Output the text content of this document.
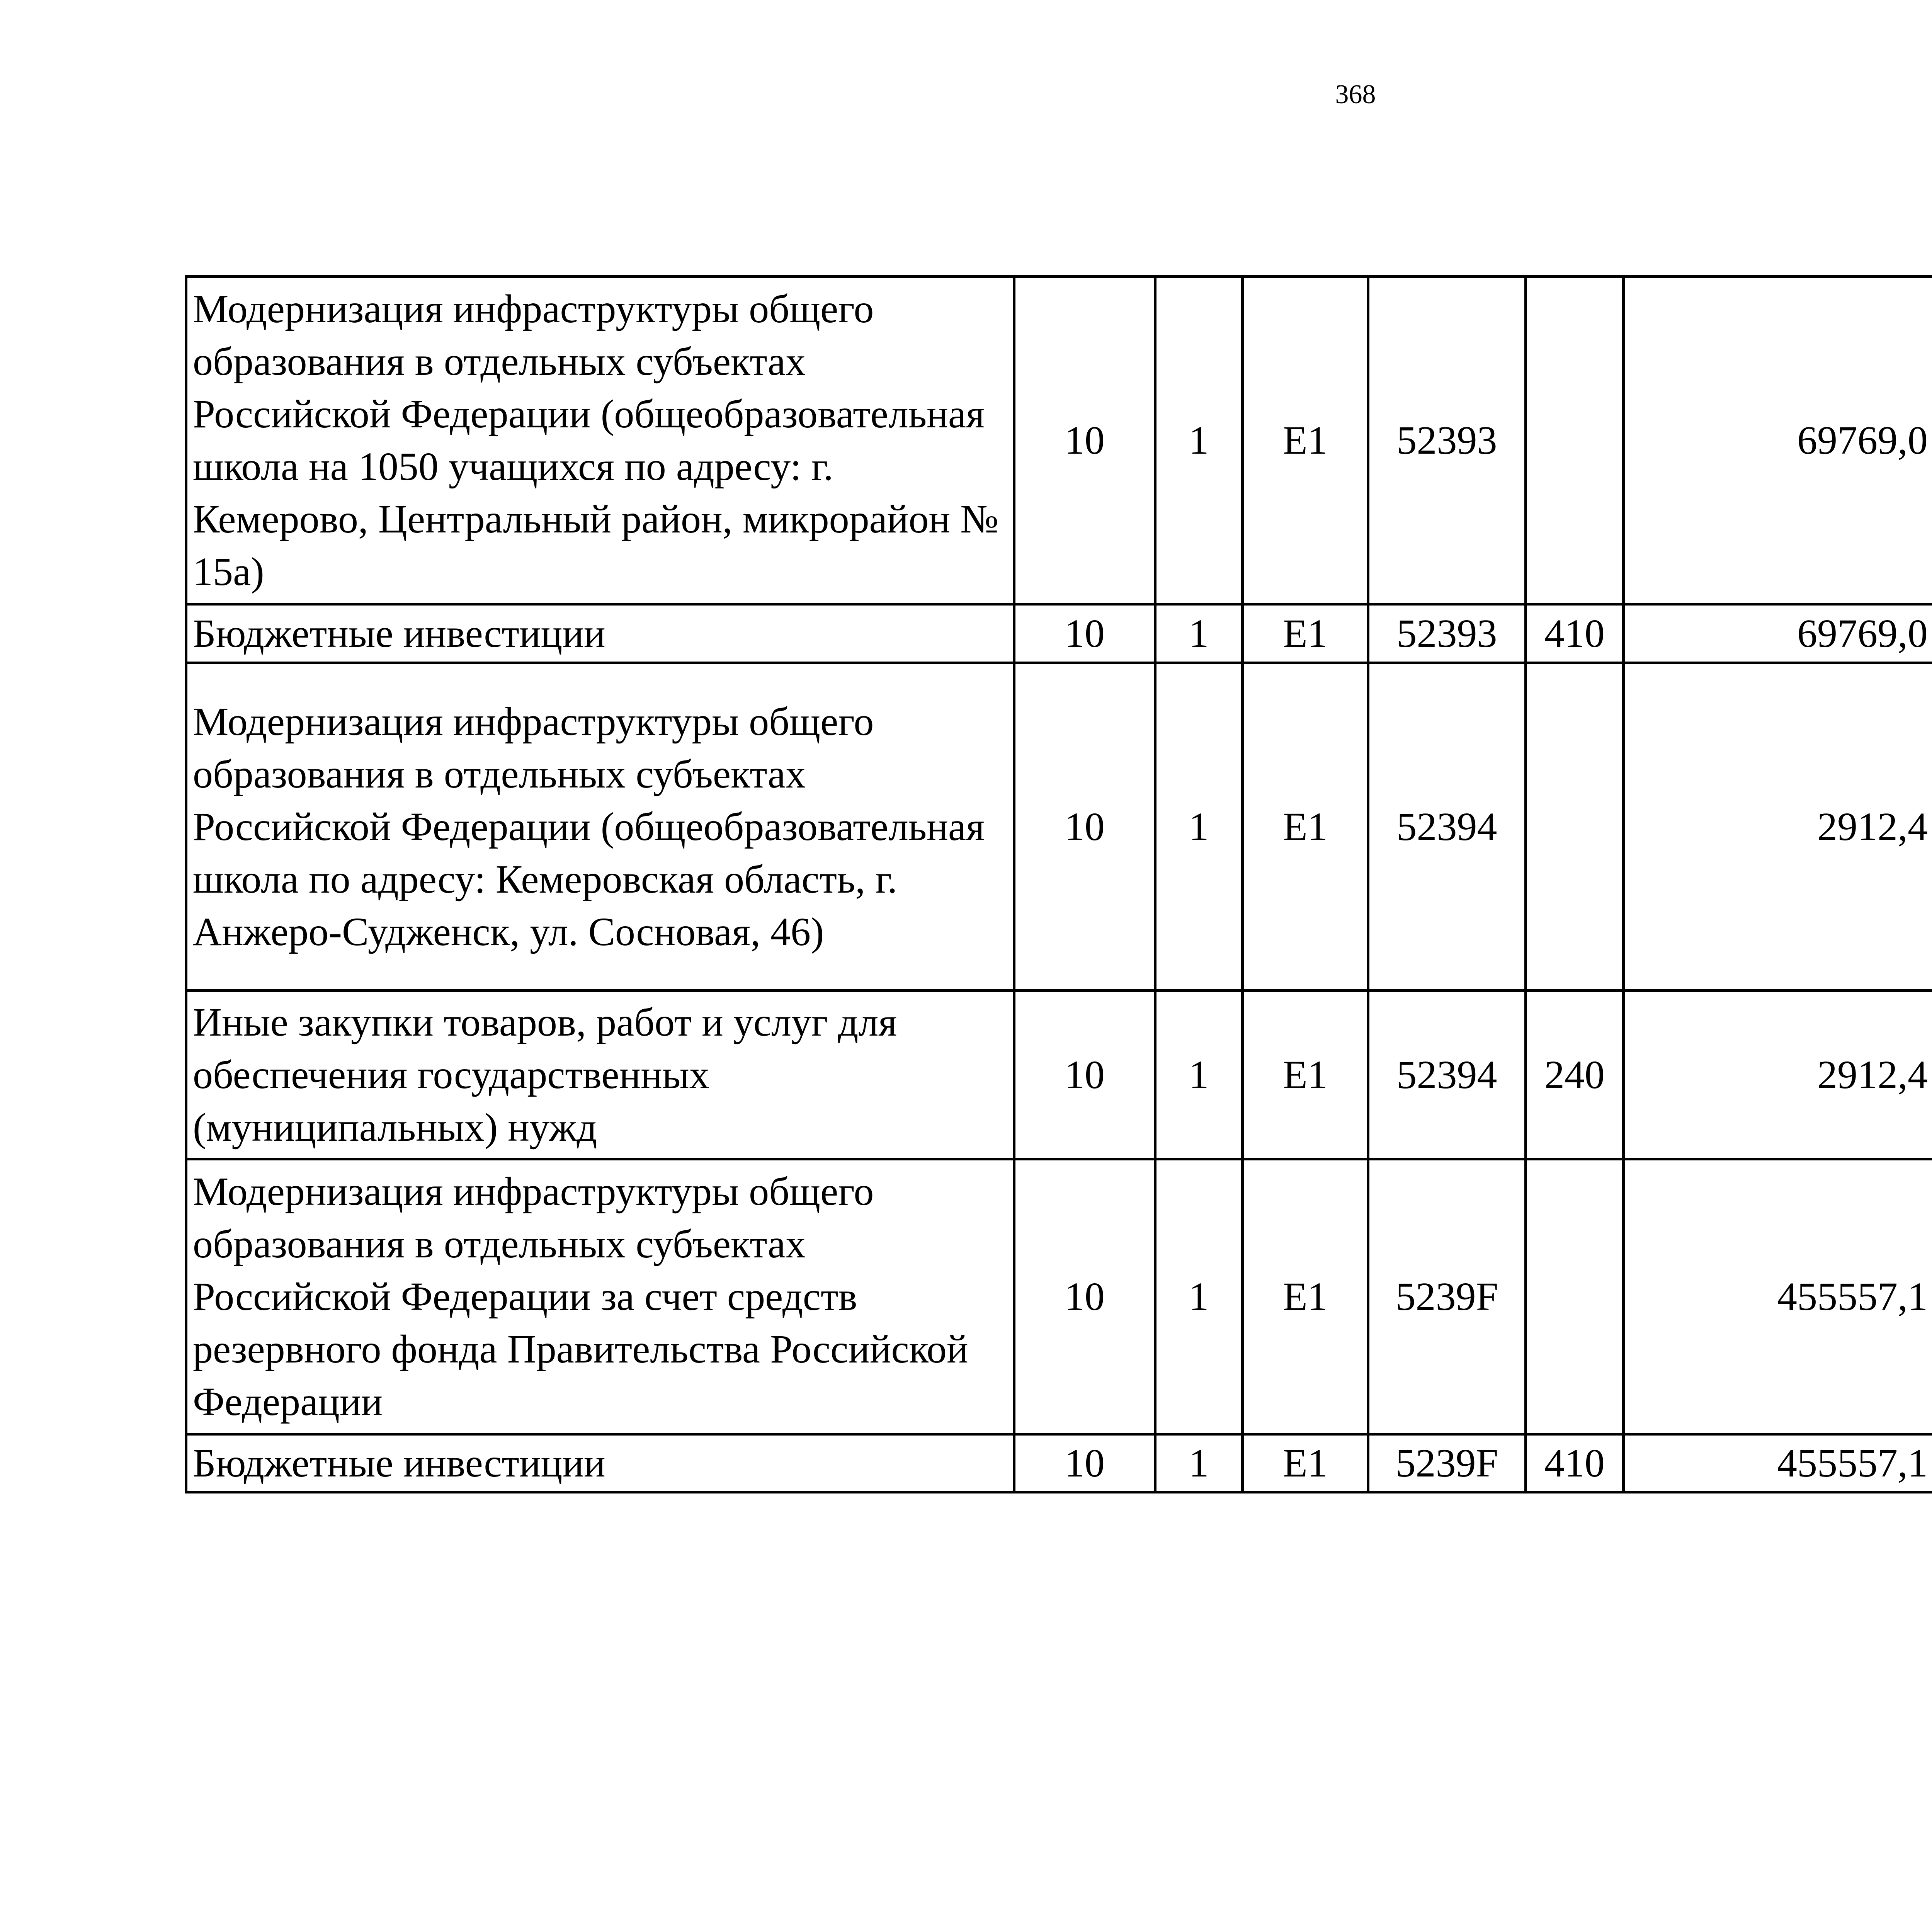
368
Модернизация инфраструктуры общего образования в отдельных субъектах Российской Федерации (общеобразовательная школа на 1050 учащихся по адресу: г. Кемерово, Центральный район, микрорайон № 15а)	10	1	E1	52393		69769,0		
Бюджетные инвестиции	10	1	E1	52393	410	69769,0		
Модернизация инфраструктуры общего образования в отдельных субъектах Российской Федерации (общеобразовательная школа по адресу: Кемеровская область, г. Анжеро-Судженск, ул. Сосновая, 46)	10	1	E1	52394		2912,4		
Иные закупки товаров, работ и услуг для обеспечения государственных (муниципальных) нужд	10	1	E1	52394	240	2912,4		
Модернизация инфраструктуры общего образования в отдельных субъектах Российской Федерации за счет средств резервного фонда Правительства Российской Федерации	10	1	E1	5239F		455557,1		
Бюджетные инвестиции	10	1	E1	5239F	410	455557,1		
